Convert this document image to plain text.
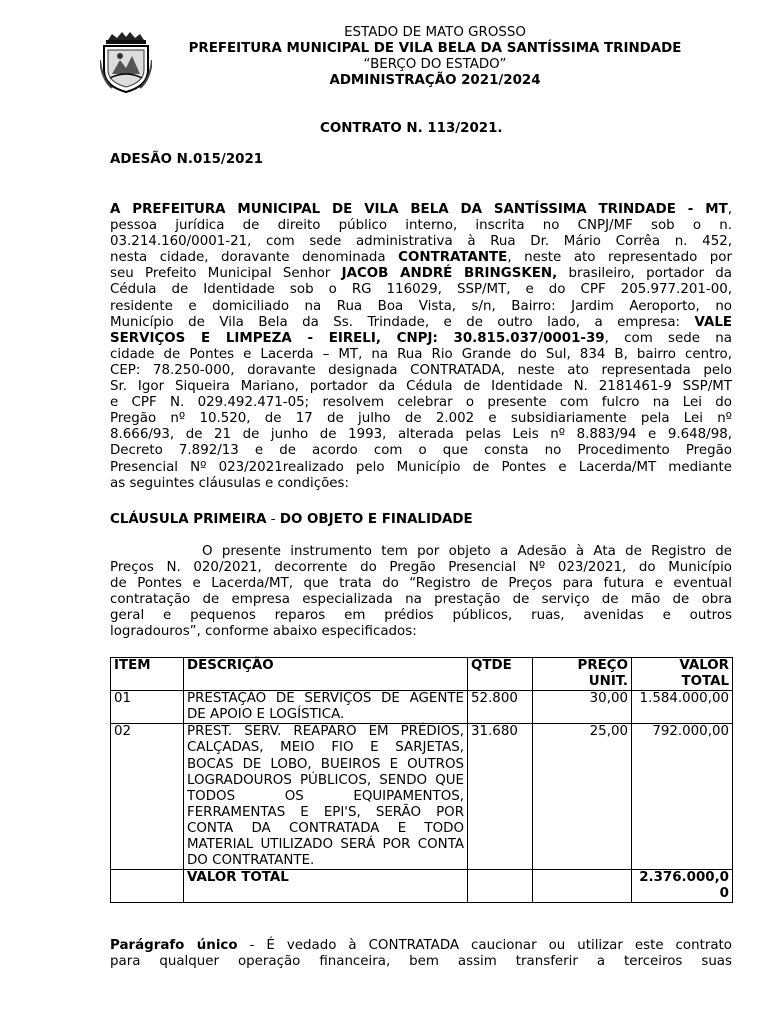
ESTADO DE MATO GROSSO
PREFEITURA MUNICIPAL DE VILA BELA DA SANTÍSSIMA TRINDADE
“BERÇO DO ESTADO”
ADMINISTRAÇÃO 2021/2024
CONTRATO N. 113/2021.
ADESÃO N.015/2021

A PREFEITURA MUNICIPAL DE VILA BELA DA SANTÍSSIMA TRINDADE - MT,

pessoa jurídica de direito público interno, inscrita no CNPJ/MF sob o n.

03.214.160/0001-21, com sede administrativa à Rua Dr. Mário Corrêa n. 452,

nesta cidade, doravante denominada CONTRATANTE, neste ato representado por

seu Prefeito Municipal Senhor JACOB ANDRÉ BRINGSKEN, brasileiro, portador da

Cédula de Identidade sob o RG 116029, SSP/MT, e do CPF 205.977.201-00,

residente e domiciliado na Rua Boa Vista, s/n, Bairro: Jardim Aeroporto, no

Município de Vila Bela da Ss. Trindade, e de outro lado, a empresa: VALE

SERVIÇOS E LIMPEZA - EIRELI, CNPJ: 30.815.037/0001-39, com sede na

cidade de Pontes e Lacerda – MT, na Rua Rio Grande do Sul, 834 B, bairro centro,

CEP: 78.250-000, doravante designada CONTRATADA, neste ato representada pelo

Sr. Igor Siqueira Mariano, portador da Cédula de Identidade N. 2181461-9 SSP/MT

e CPF N. 029.492.471-05; resolvem celebrar o presente com fulcro na Lei do

Pregão nº 10.520, de 17 de julho de 2.002 e subsidiariamente pela Lei nº

8.666/93, de 21 de junho de 1993, alterada pelas Leis nº 8.883/94 e 9.648/98,

Decreto 7.892/13 e de acordo com o que consta no Procedimento Pregão

Presencial Nº 023/2021realizado pelo Município de Pontes e Lacerda/MT mediante

as seguintes cláusulas e condições:

CLÁUSULA PRIMEIRA - DO OBJETO E FINALIDADE

O presente instrumento tem por objeto a Adesão à Ata de Registro de

Preços N. 020/2021, decorrente do Pregão Presencial Nº 023/2021, do Município

de Pontes e Lacerda/MT, que trata do “Registro de Preços para futura e eventual

contratação de empresa especializada na prestação de serviço de mão de obra

geral e pequenos reparos em prédios públicos, ruas, avenidas e outros

logradouros”, conforme abaixo especificados:

ITEM	DESCRIÇÃO	QTDE	PREÇO UNIT.	VALOR TOTAL
01	PRESTAÇÃO DE SERVIÇOS DE AGENTE DE APOIO E LOGÍSTICA.	52.800	30,00	1.584.000,00
02	PREST. SERV. REAPARO EM PRÉDIOS, CALÇADAS, MEIO FIO E SARJETAS, BOCAS DE LOBO, BUEIROS E OUTROS LOGRADOUROS PÚBLICOS, SENDO QUE TODOS OS EQUIPAMENTOS, FERRAMENTAS E EPI'S, SERÃO POR CONTA DA CONTRATADA E TODO MATERIAL UTILIZADO SERÁ POR CONTA DO CONTRATANTE.	31.680	25,00	792.000,00
	VALOR TOTAL			2.376.000,00

Parágrafo único - É vedado à CONTRATADA caucionar ou utilizar este contrato

para qualquer operação financeira, bem assim transferir a terceiros suas
